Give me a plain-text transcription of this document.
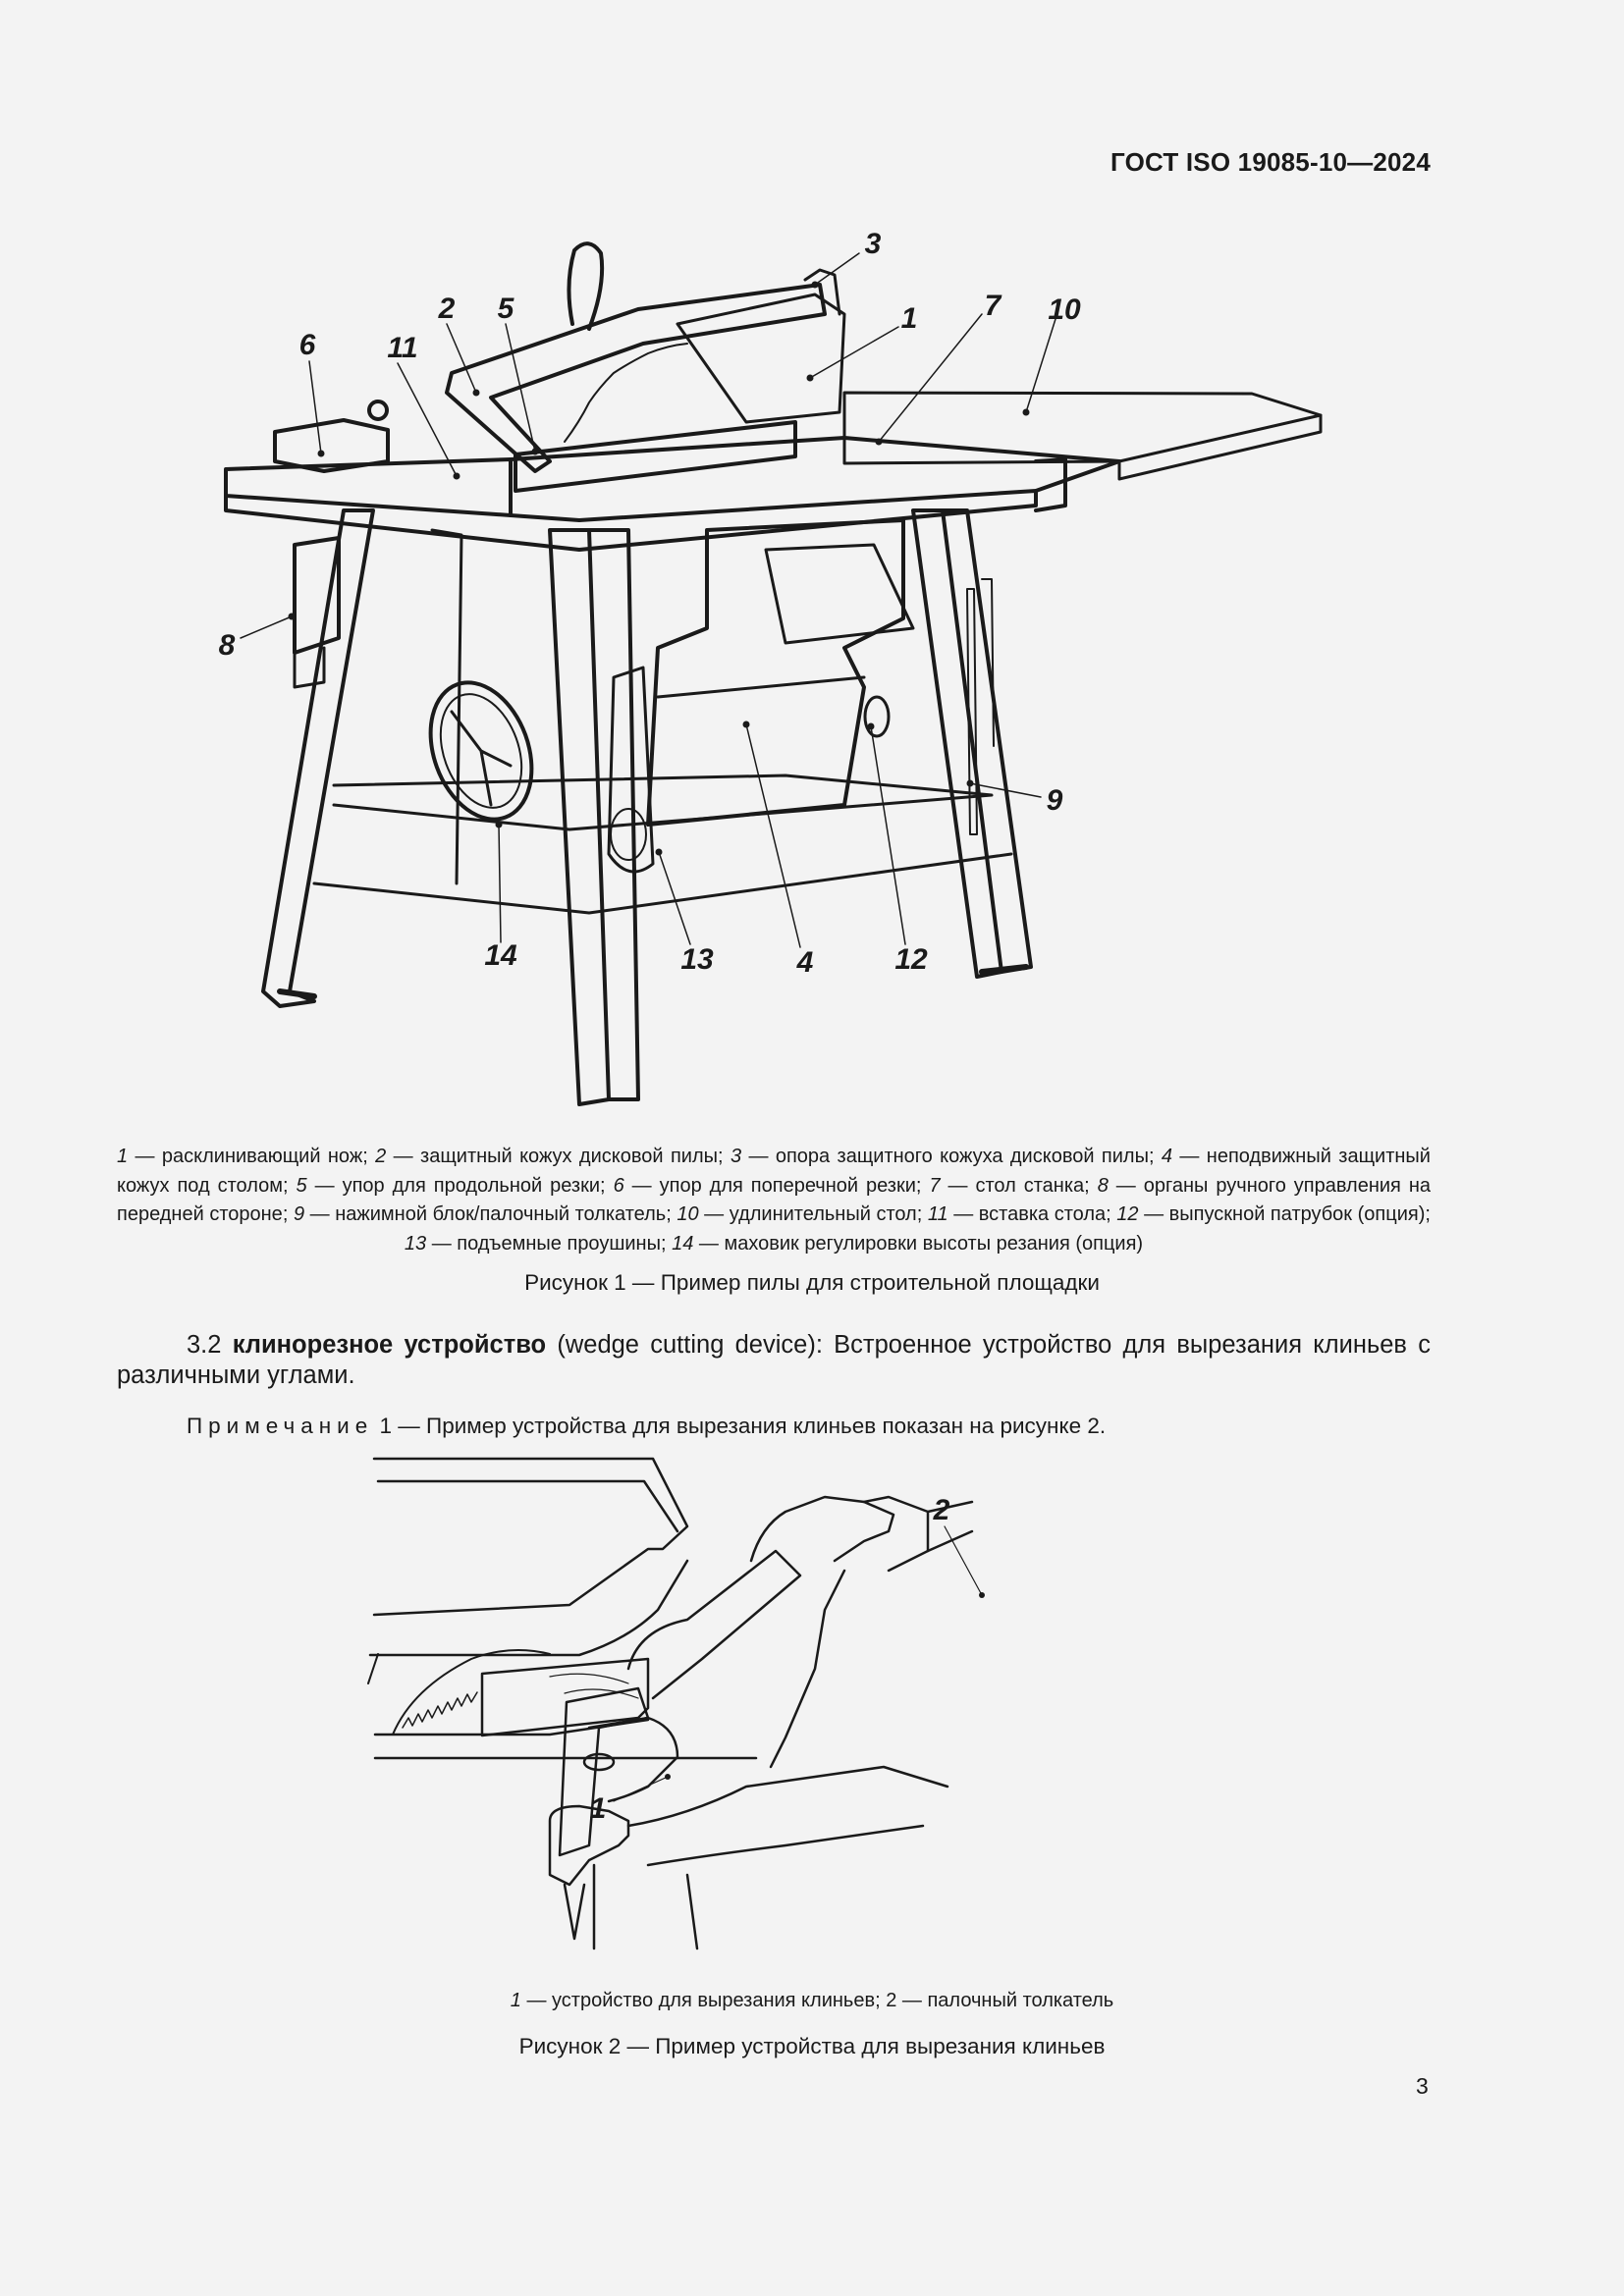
ГОСТ ISO 19085-10—2024
3
2 5	1 7 10
6 11
8
9
14	13	4	12
1 — расклинивающий нож; 2 — защитный кожух дисковой пилы; 3 — опора защитного кожуха дисковой пилы; 4 — неподвижный защитный кожух под столом; 5 — упор для продольной резки; 6 — упор для поперечной резки; 7 — стол станка; 8 — органы ручного управления на передней стороне; 9 — нажимной блок/палочный толкатель; 10 — удлинительный стол; 11 — вставка стола; 12 — выпускной патрубок (опция); 13 — подъемные проушины; 14 — маховик регулировки высоты резания (опция)
Рисунок 1 — Пример пилы для строительной площадки
3.2 клинорезное устройство (wedge cutting device): Встроенное устройство для вырезания клиньев с различными углами.
Примечание 1 — Пример устройства для вырезания клиньев показан на рисунке 2.
2
1
1 — устройство для вырезания клиньев; 2 — палочный толкатель
Рисунок 2 — Пример устройства для вырезания клиньев
3
